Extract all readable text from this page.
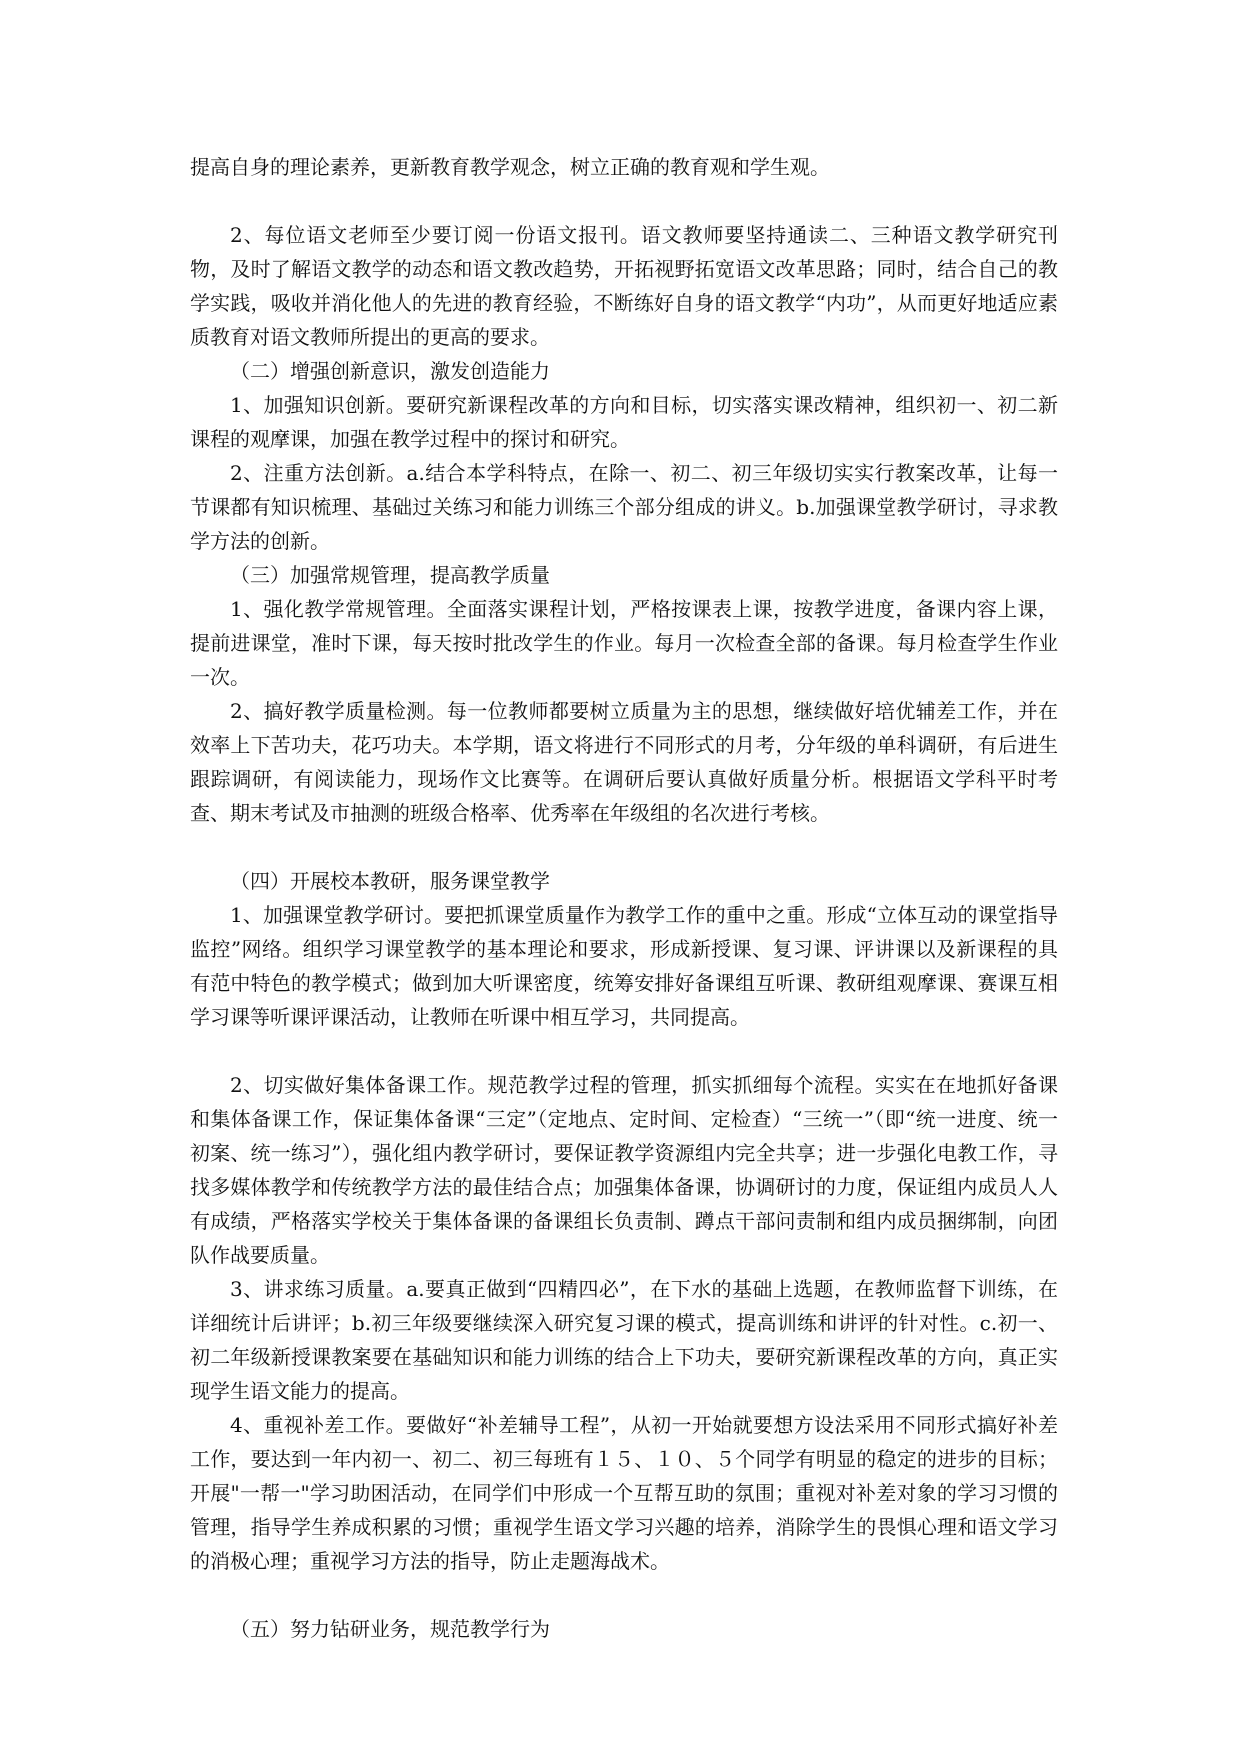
提高自身的理论素养，更新教育教学观念，树立正确的教育观和学生观。

2、每位语文老师至少要订阅一份语文报刊。语文教师要坚持通读二、三种语文教学研究刊物，及时了解语文教学的动态和语文教改趋势，开拓视野拓宽语文改革思路；同时，结合自己的教学实践，吸收并消化他人的先进的教育经验，不断练好自身的语文教学“内功”，从而更好地适应素质教育对语文教师所提出的更高的要求。

（二）增强创新意识，激发创造能力

1、加强知识创新。要研究新课程改革的方向和目标，切实落实课改精神，组织初一、初二新课程的观摩课，加强在教学过程中的探讨和研究。

2、注重方法创新。a.结合本学科特点，在除一、初二、初三年级切实实行教案改革，让每一节课都有知识梳理、基础过关练习和能力训练三个部分组成的讲义。b.加强课堂教学研讨，寻求教学方法的创新。

（三）加强常规管理，提高教学质量

1、强化教学常规管理。全面落实课程计划，严格按课表上课，按教学进度，备课内容上课，提前进课堂，准时下课，每天按时批改学生的作业。每月一次检查全部的备课。每月检查学生作业一次。

2、搞好教学质量检测。每一位教师都要树立质量为主的思想，继续做好培优辅差工作，并在效率上下苦功夫，花巧功夫。本学期，语文将进行不同形式的月考，分年级的单科调研，有后进生跟踪调研，有阅读能力，现场作文比赛等。在调研后要认真做好质量分析。根据语文学科平时考查、期末考试及市抽测的班级合格率、优秀率在年级组的名次进行考核。

（四）开展校本教研，服务课堂教学

1、加强课堂教学研讨。要把抓课堂质量作为教学工作的重中之重。形成“立体互动的课堂指导监控”网络。组织学习课堂教学的基本理论和要求，形成新授课、复习课、评讲课以及新课程的具有范中特色的教学模式；做到加大听课密度，统筹安排好备课组互听课、教研组观摩课、赛课互相学习课等听课评课活动，让教师在听课中相互学习，共同提高。

2、切实做好集体备课工作。规范教学过程的管理，抓实抓细每个流程。实实在在地抓好备课和集体备课工作，保证集体备课“三定”（定地点、定时间、定检查）“三统一”（即“统一进度、统一初案、统一练习”），强化组内教学研讨，要保证教学资源组内完全共享；进一步强化电教工作，寻找多媒体教学和传统教学方法的最佳结合点；加强集体备课，协调研讨的力度，保证组内成员人人有成绩，严格落实学校关于集体备课的备课组长负责制、蹲点干部问责制和组内成员捆绑制，向团队作战要质量。

3、讲求练习质量。a.要真正做到“四精四必”，在下水的基础上选题，在教师监督下训练，在详细统计后讲评；b.初三年级要继续深入研究复习课的模式，提高训练和讲评的针对性。c.初一、初二年级新授课教案要在基础知识和能力训练的结合上下功夫，要研究新课程改革的方向，真正实现学生语文能力的提高。

4、重视补差工作。要做好“补差辅导工程”，从初一开始就要想方设法采用不同形式搞好补差工作，要达到一年内初一、初二、初三每班有１５、１０、５个同学有明显的稳定的进步的目标；开展"一帮一"学习助困活动，在同学们中形成一个互帮互助的氛围；重视对补差对象的学习习惯的管理，指导学生养成积累的习惯；重视学生语文学习兴趣的培养，消除学生的畏惧心理和语文学习的消极心理；重视学习方法的指导，防止走题海战术。

（五）努力钻研业务，规范教学行为
